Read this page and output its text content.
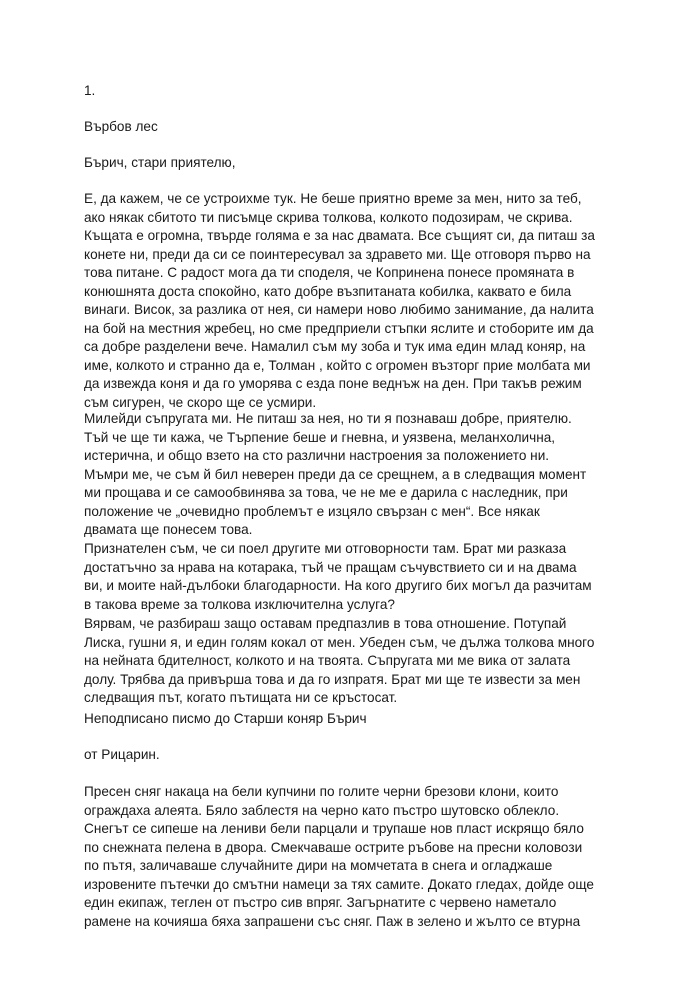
1.

Върбов лес

Бърич, стари приятелю,

Е, да кажем, че се устроихме тук. Не беше приятно време за мен, нито за теб,
ако някак сбитото ти писъмце скрива толкова, колкото подозирам, че скрива.
Къщата е огромна, твърде голяма е за нас двамата. Все същият си, да питаш за
конете ни, преди да си се поинтересувал за здравето ми. Ще отговоря първо на
това питане. С радост мога да ти споделя, че Копринена понесе промяната в
конюшнята доста спокойно, като добре възпитаната кобилка, каквато е била
винаги. Висок, за разлика от нея, си намери ново любимо занимание, да налита
на бой на местния жребец, но сме предприели стъпки яслите и стоборите им да
са добре разделени вече. Намалил съм му зоба и тук има един млад коняр, на
име, колкото и странно да е, Толман , който с огромен възторг прие молбата ми
да извежда коня и да го уморява с езда поне веднъж на ден. При такъв режим
съм сигурен, че скоро ще се усмири.

Милейди съпругата ми. Не питаш за нея, но ти я познаваш добре, приятелю.
Тъй че ще ти кажа, че Търпение беше и гневна, и уязвена, меланхолична,
истерична, и общо взето на сто различни настроения за положението ни.
Мъмри ме, че съм й бил неверен преди да се срещнем, а в следващия момент
ми прощава и се самообвинява за това, че не ме е дарила с наследник, при
положение че „очевидно проблемът е изцяло свързан с мен“. Все някак
двамата ще понесем това.

Признателен съм, че си поел другите ми отговорности там. Брат ми разказа
достатъчно за нрава на котарака, тъй че пращам съчувствието си и на двама
ви, и моите най-дълбоки благодарности. На кого другиго бих могъл да разчитам
в такова време за толкова изключителна услуга?

Вярвам, че разбираш защо оставам предпазлив в това отношение. Потупай
Лиска, гушни я, и един голям кокал от мен. Убеден съм, че дължа толкова много
на нейната бдителност, колкото и на твоята. Съпругата ми ме вика от залата
долу. Трябва да привърша това и да го изпратя. Брат ми ще те извести за мен
следващия път, когато пътищата ни се кръстосат.

Неподписано писмо до Старши коняр Бърич

от Рицарин.

Пресен сняг накаца на бели купчини по голите черни брезови клони, които
ограждаха алеята. Бяло заблестя на черно като пъстро шутовско облекло.
Снегът се сипеше на лениви бели парцали и трупаше нов пласт искрящо бяло
по снежната пелена в двора. Смекчаваше острите ръбове на пресни коловози
по пътя, заличаваше случайните дири на момчетата в снега и огладжаше
изровените пътечки до смътни намеци за тях самите. Докато гледах, дойде още
един екипаж, теглен от пъстро сив впряг. Загърнатите с червено наметало
рамене на кочияша бяха запрашени със сняг. Паж в зелено и жълто се втурна
